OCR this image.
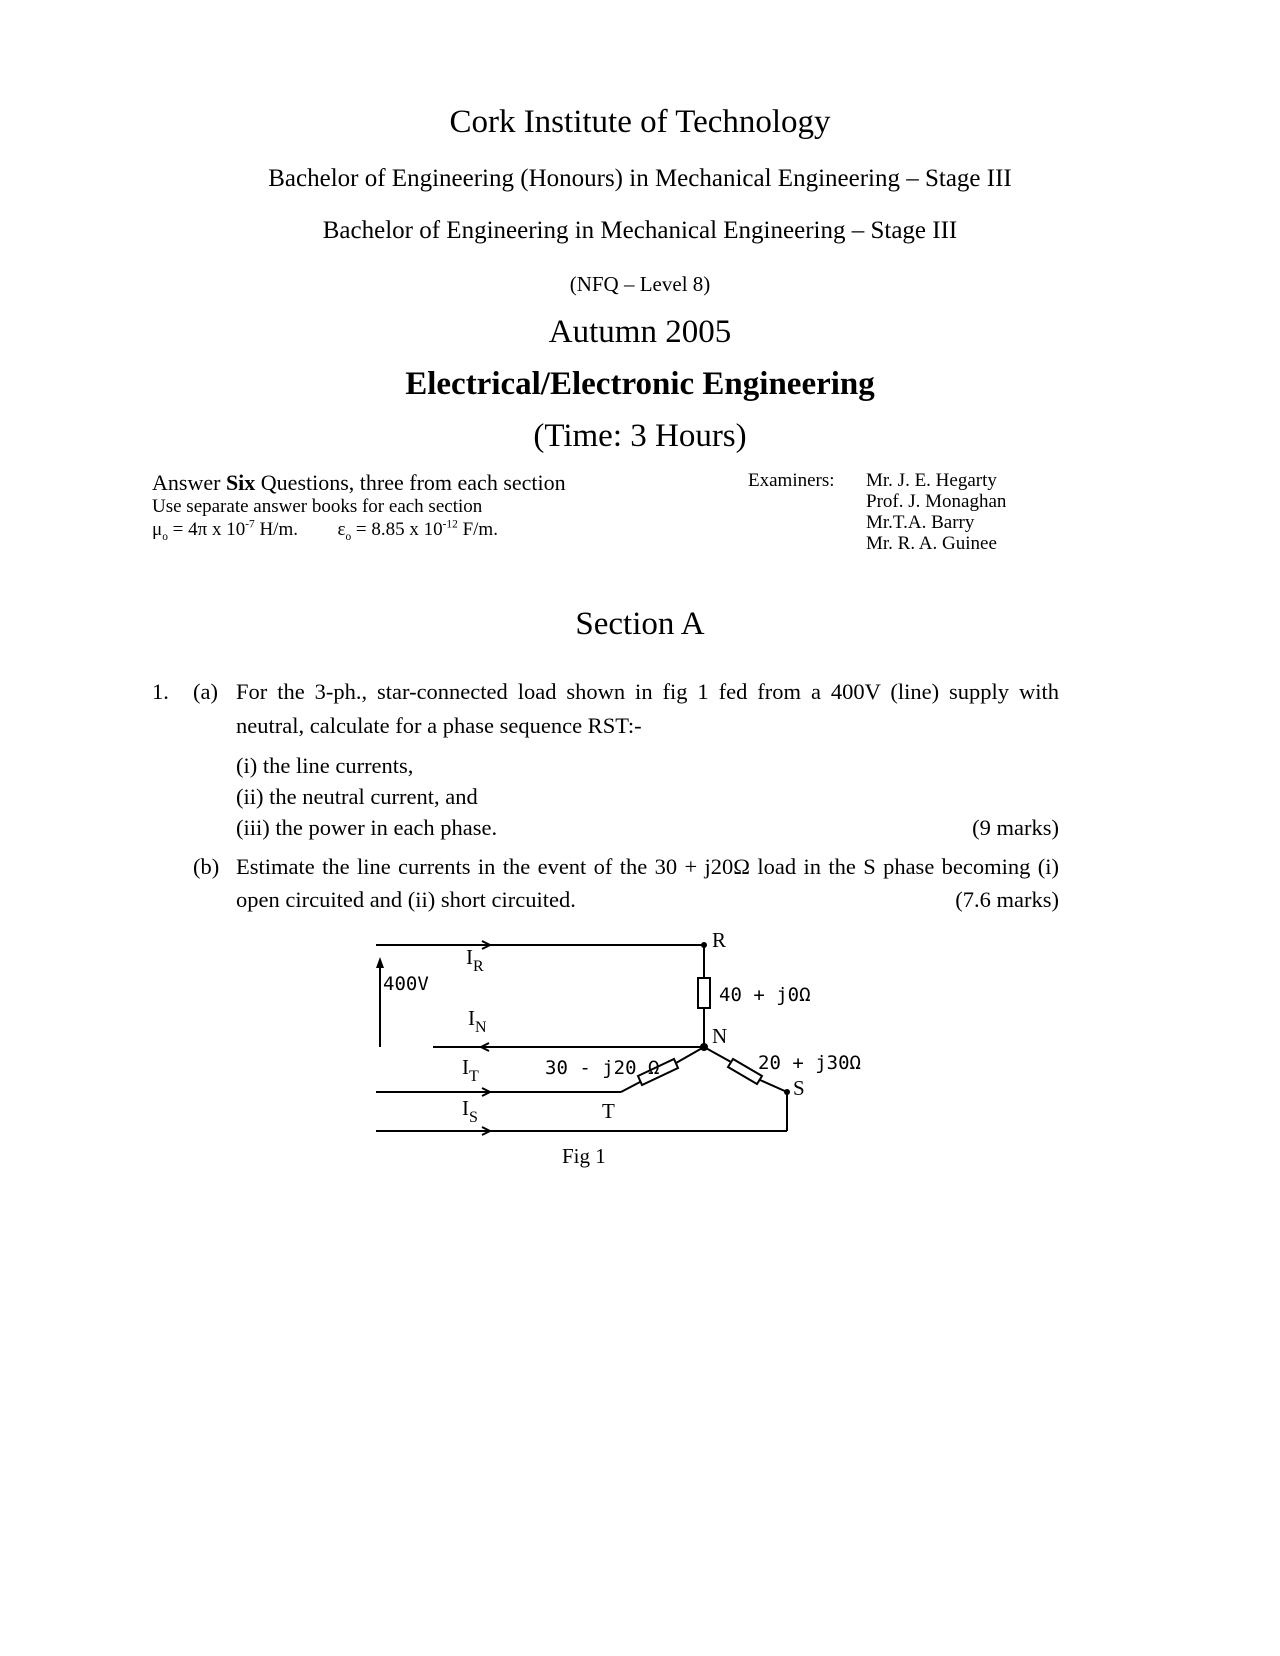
Cork Institute of Technology
Bachelor of Engineering (Honours) in Mechanical Engineering – Stage III
Bachelor of Engineering in Mechanical Engineering – Stage III
(NFQ – Level 8)
Autumn 2005
Electrical/Electronic Engineering
(Time: 3 Hours)
Answer Six Questions, three from each section
Use separate answer books for each section
$\mu_o = 4\pi$ x $10^{-7}$ H/m. $\varepsilon_o = 8.85$ x $10^{-12}$ F/m.
Examiners: Mr. J. E. Hegarty
Prof. J. Monaghan
Mr.T.A. Barry
Mr. R. A. Guinee
Section A
1. (a) For the 3-ph., star-connected load shown in fig 1 fed from a 400V (line) supply with
neutral, calculate for a phase sequence RST:-
(i) the line currents,
(ii) the neutral current, and
(iii) the power in each phase.	(9 marks)
(b) Estimate the line currents in the event of the 30 + j20Ω load in the S phase becoming (i)
open circuited and (ii) short circuited.	(7.6 marks)
R
N
S
T
400V	40 + j0Ω
20 + j30Ω
30 - j20 Ω
$I_R$
$I_N$
$I_T$
$I_S$
Fig 1
